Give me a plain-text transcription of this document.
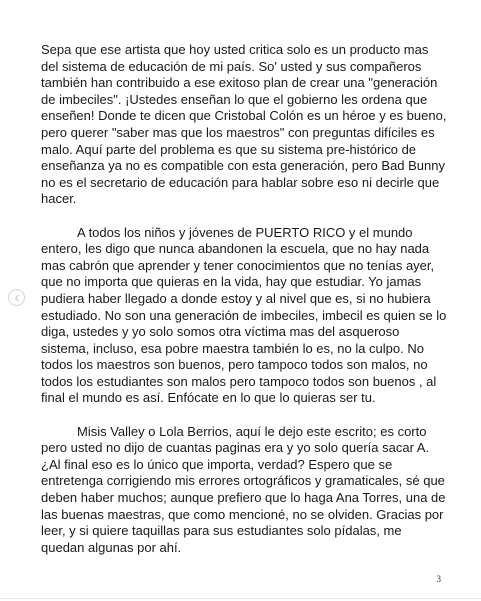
Sepa que ese artista que hoy usted critica solo es un producto mas del sistema de educación de mi país. So' usted y sus compañeros también han contribuido a ese exitoso plan de crear una "generación de imbeciles". ¡Ustedes enseñan lo que el gobierno les ordena que enseñen! Donde te dicen que Cristobal Colón es un héroe y es bueno, pero querer "saber mas que los maestros" con preguntas difíciles es malo. Aquí parte del problema es que su sistema pre-histórico de enseñanza ya no es compatible con esta generación, pero Bad Bunny no es el secretario de educación para hablar sobre eso ni decirle que hacer.

A todos los niños y jóvenes de PUERTO RICO y el mundo entero, les digo que nunca abandonen la escuela, que no hay nada mas cabrón que aprender y tener conocimientos que no tenías ayer, que no importa que quieras en la vida, hay que estudiar. Yo jamas pudiera haber llegado a donde estoy y al nivel que es, si no hubiera estudiado. No son una generación de imbeciles, imbecil es quien se lo diga, ustedes y yo solo somos otra víctima mas del asqueroso sistema, incluso, esa pobre maestra también lo es, no la culpo. No todos los maestros son buenos, pero tampoco todos son malos, no todos los estudiantes son malos pero tampoco todos son buenos , al final el mundo es así. Enfócate en lo que lo quieras ser tu.

Misis Valley o Lola Berrios, aquí le dejo este escrito; es corto pero usted no dijo de cuantas paginas era y yo solo quería sacar A. ¿Al final eso es lo único que importa, verdad? Espero que se entretenga corrigiendo mis errores ortográficos y gramaticales, sé que deben haber muchos; aunque prefiero que lo haga Ana Torres, una de las buenas maestras, que como mencioné, no se olviden. Gracias por leer, y si quiere taquillas para sus estudiantes solo pídalas, me quedan algunas por ahí.

3
